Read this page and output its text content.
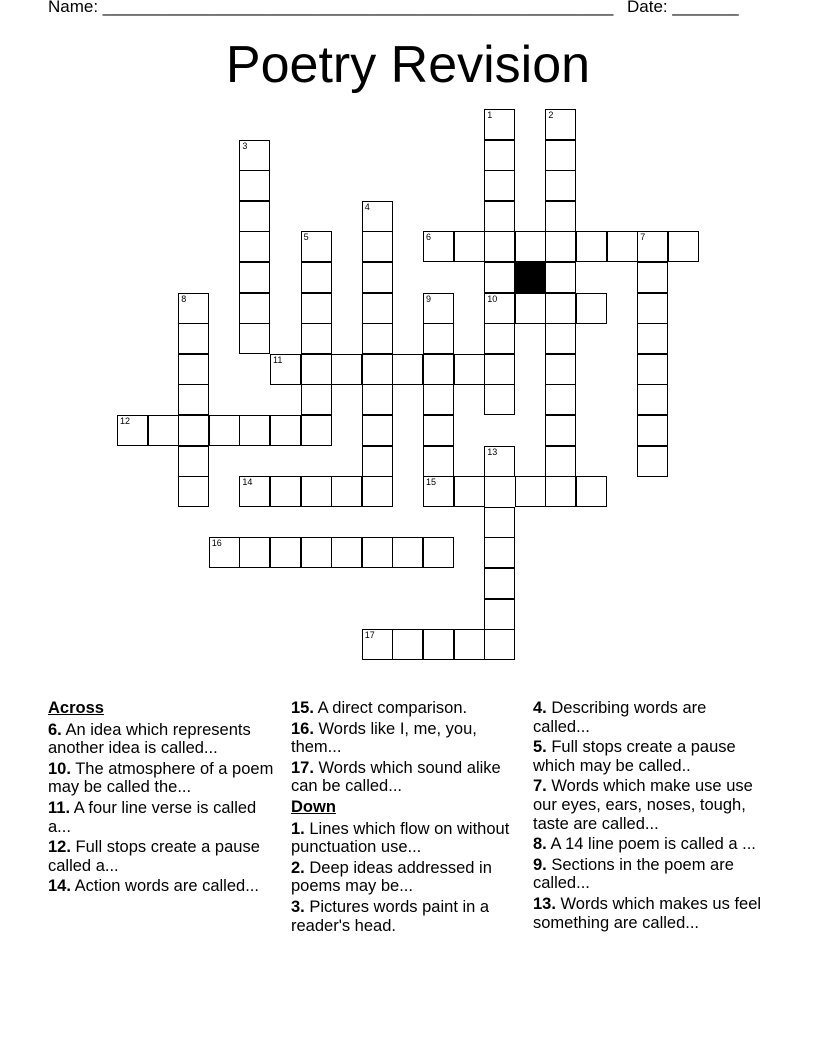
Name: ______________________________________________________ Date: _______
Poetry Revision
1
10
2
3
4
5	6	7
8	9
15
11
12
13
14
16
17
Across
6. An idea which represents another idea is called...
10. The atmosphere of a poem may be called the...
11. A four line verse is called a...
12. Full stops create a pause called a...
14. Action words are called...
15. A direct comparison.
16. Words like I, me, you, them...
17. Words which sound alike can be called...
Down
1. Lines which flow on without punctuation use...
2. Deep ideas addressed in poems may be...
3. Pictures words paint in a reader's head.
4. Describing words are called...
5. Full stops create a pause which may be called..
7. Words which make use use our eyes, ears, noses, tough, taste are called...
8. A 14 line poem is called a ...
9. Sections in the poem are called...
13. Words which makes us feel something are called...
